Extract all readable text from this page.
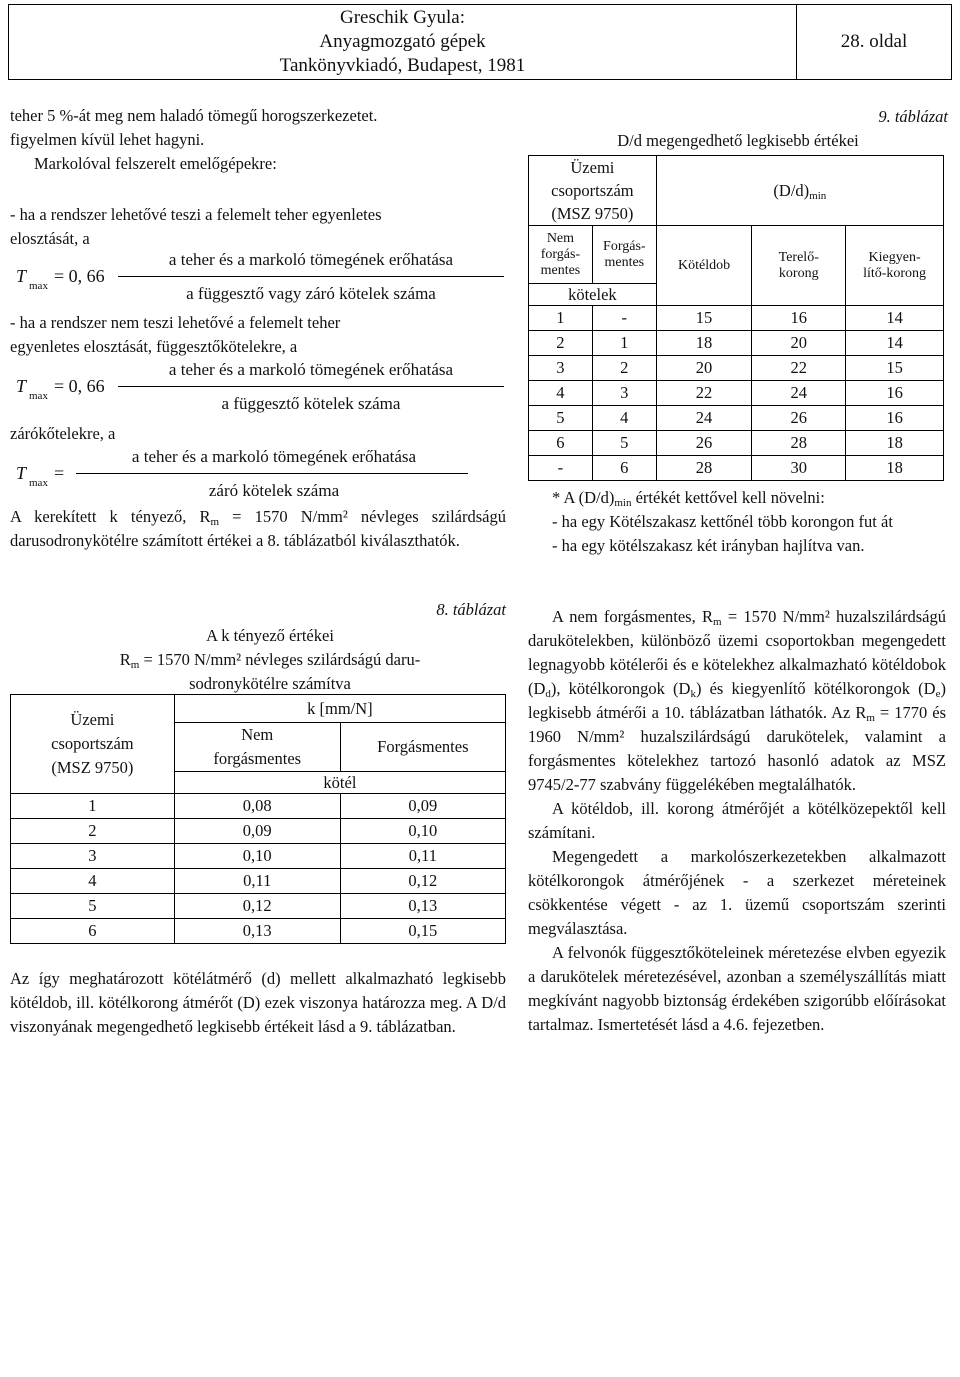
Greschik Gyula:
Anyagmozgató gépek
Tankönyvkiadó, Budapest, 1981
28. oldal

teher 5 %-át meg nem haladó tömegű horogszerkezetet.

figyelmen kívül lehet hagyni.

Markolóval felszerelt emelőgépekre:

- ha a rendszer lehetővé teszi a felemelt teher egyenletes

elosztását, a

T max = 0, 66
a teher és a markoló tömegének erőhatása
a függesztő vagy záró kötelek száma

- ha a rendszer nem teszi lehetővé a felemelt teher

egyenletes elosztását, függesztőkötelekre, a

T max = 0, 66
a teher és a markoló tömegének erőhatása
a függesztő kötelek száma
zárókőtelekre, a
T max =
a teher és a markoló tömegének erőhatása
záró kötelek száma
A kerekített k tényező, $R_m = 1570$ N/mm² névleges szilárdságú darusodronykötélre számított értékei a 8. táblázatból kiválaszthatók.
9. táblázat
D/d megengedhető legkisebb értékei
Üzemi csoportszám (MSZ 9750)		$(D/d)_{min}$
Nem forgás-mentes	Forgás-mentes	Kötéldob	Terelő-korong	Kiegyen-lítő-korong
kötelek				
1	-	15	16	14
2	1	18	20	14
3	2	20	22	15
4	3	22	24	16
5	4	24	26	16
6	5	26	28	18
-	6	28	30	18

* A $(D/d)_{min}$ értékét kettővel kell növelni:

- ha egy Kötélszakasz kettőnél több korongon fut át

- ha egy kötélszakasz két irányban hajlítva van.

8. táblázat

A k tényező értékei

$R_m = 1570$ N/mm² névleges szilárdságú daru-

sodronykötélre számítva

Üzemi csoportszám (MSZ 9750)	k [mm/N]	
	Nem forgásmentes	Forgásmentes
	kötél	
1	0,08	0,09
2	0,09	0,10
3	0,10	0,11
4	0,11	0,12
5	0,12	0,13
6	0,13	0,15
Az így meghatározott kötélátmérő (d) mellett alkalmazható legkisebb kötéldob, ill. kötélkorong átmérőt (D) ezek viszonya határozza meg. A D/d viszonyának megengedhető legkisebb értékeit lásd a 9. táblázatban.

A nem forgásmentes, $R_m = 1570$ N/mm² huzalszilárdságú darukötelekben, különböző üzemi csoportokban megengedett legnagyobb kötélerői és e kötelekhez alkalmazható kötéldobok $(D_d)$, kötélkorongok $(D_k)$ és kiegyenlítő kötélkorongok $(D_e)$ legkisebb átmérői a 10. táblázatban láthatók. Az $R_m = 1770$ és 1960 N/mm² huzalszilárdságú darukötelek, valamint a forgásmentes kötelekhez tartozó hasonló adatok az MSZ 9745/2-77 szabvány függelékében megtalálhatók.

A kötéldob, ill. korong átmérőjét a kötélközepektől kell számítani.

Megengedett a markolószerkezetekben alkalmazott kötélkorongok átmérőjének - a szerkezet méreteinek csökkentése végett - az 1. üzemű csoportszám szerinti megválasztása.

A felvonók függesztőköteleinek méretezése elvben egyezik a darukötelek méretezésével, azonban a személyszállítás miatt megkívánt nagyobb biztonság érdekében szigorúbb előírásokat tartalmaz. Ismertetését lásd a 4.6. fejezetben.
